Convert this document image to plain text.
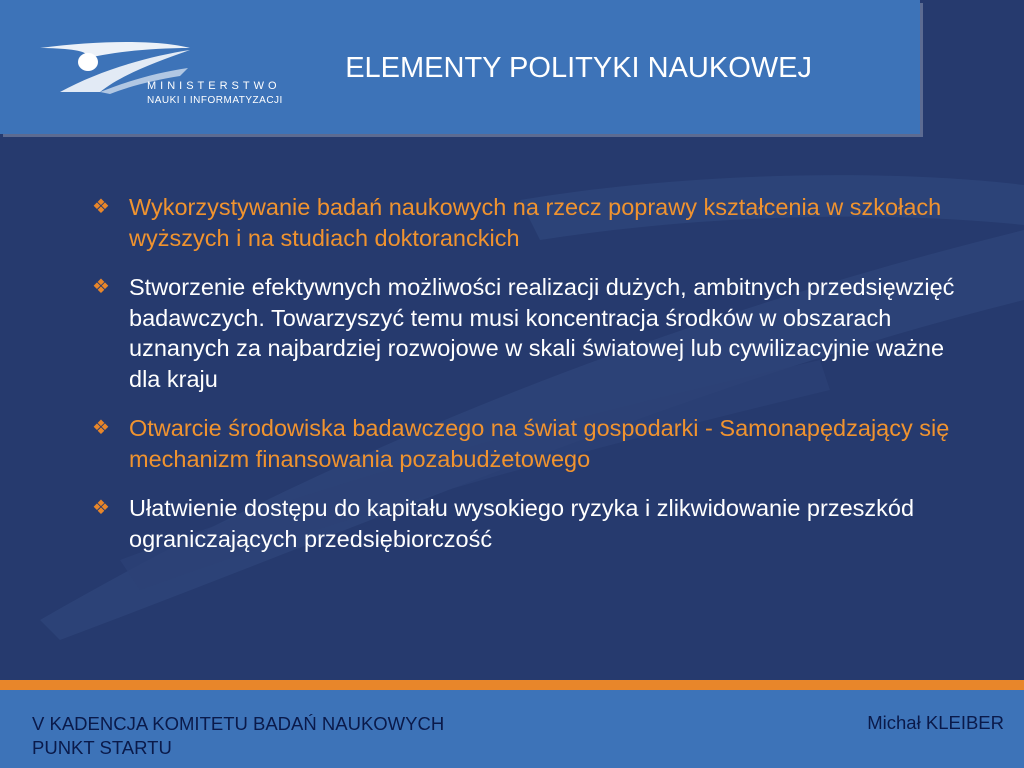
MINISTERSTWO
NAUKI I INFORMATYZACJI
ELEMENTY POLITYKI NAUKOWEJ
❖ Wykorzystywanie badań naukowych na rzecz poprawy kształcenia w szkołach wyższych i na studiach doktoranckich
❖ Stworzenie efektywnych możliwości realizacji dużych, ambitnych przedsięwzięć badawczych. Towarzyszyć temu musi koncentracja środków w obszarach uznanych za najbardziej rozwojowe w skali światowej lub cywilizacyjnie ważne dla kraju
❖ Otwarcie środowiska badawczego na świat gospodarki - Samonapędzający się mechanizm finansowania pozabudżetowego
❖ Ułatwienie dostępu do kapitału wysokiego ryzyka i zlikwidowanie przeszkód ograniczających przedsiębiorczość
V KADENCJA KOMITETU BADAŃ NAUKOWYCH
PUNKT STARTU
Michał KLEIBER
